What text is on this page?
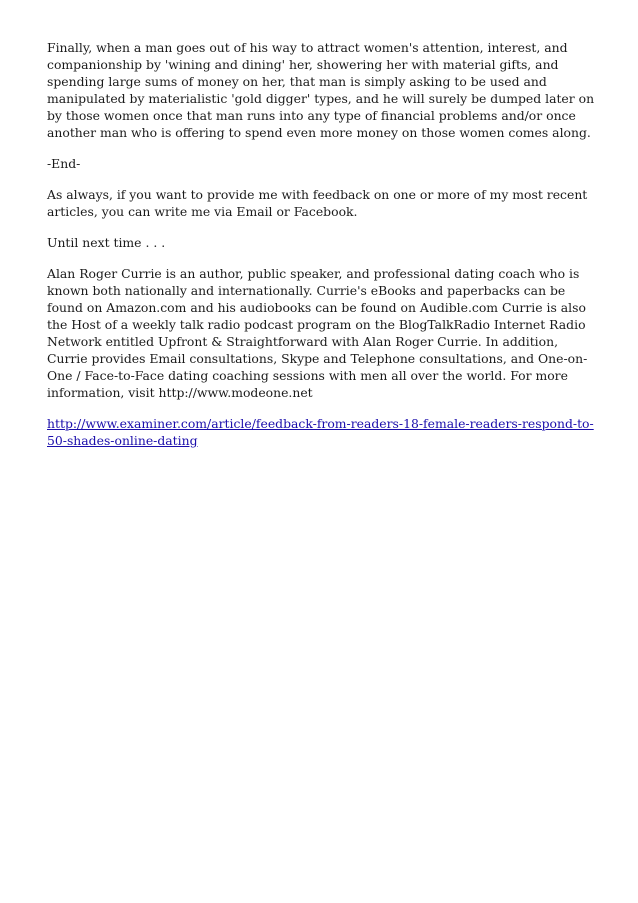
Finally, when a man goes out of his way to attract women's attention, interest, and companionship by 'wining and dining' her, showering her with material gifts, and spending large sums of money on her, that man is simply asking to be used and manipulated by materialistic 'gold digger' types, and he will surely be dumped later on by those women once that man runs into any type of financial problems and/or once another man who is offering to spend even more money on those women comes along.

-End-

As always, if you want to provide me with feedback on one or more of my most recent articles, you can write me via Email or Facebook.

Until next time . . .

Alan Roger Currie is an author, public speaker, and professional dating coach who is known both nationally and internationally. Currie's eBooks and paperbacks can be found on Amazon.com and his audiobooks can be found on Audible.com Currie is also the Host of a weekly talk radio podcast program on the BlogTalkRadio Internet Radio Network entitled Upfront & Straightforward with Alan Roger Currie. In addition, Currie provides Email consultations, Skype and Telephone consultations, and One-on-One / Face-to-Face dating coaching sessions with men all over the world. For more information, visit http://www.modeone.net

http://www.examiner.com/article/feedback-from-readers-18-female-readers-respond-to-50-shades-online-dating
